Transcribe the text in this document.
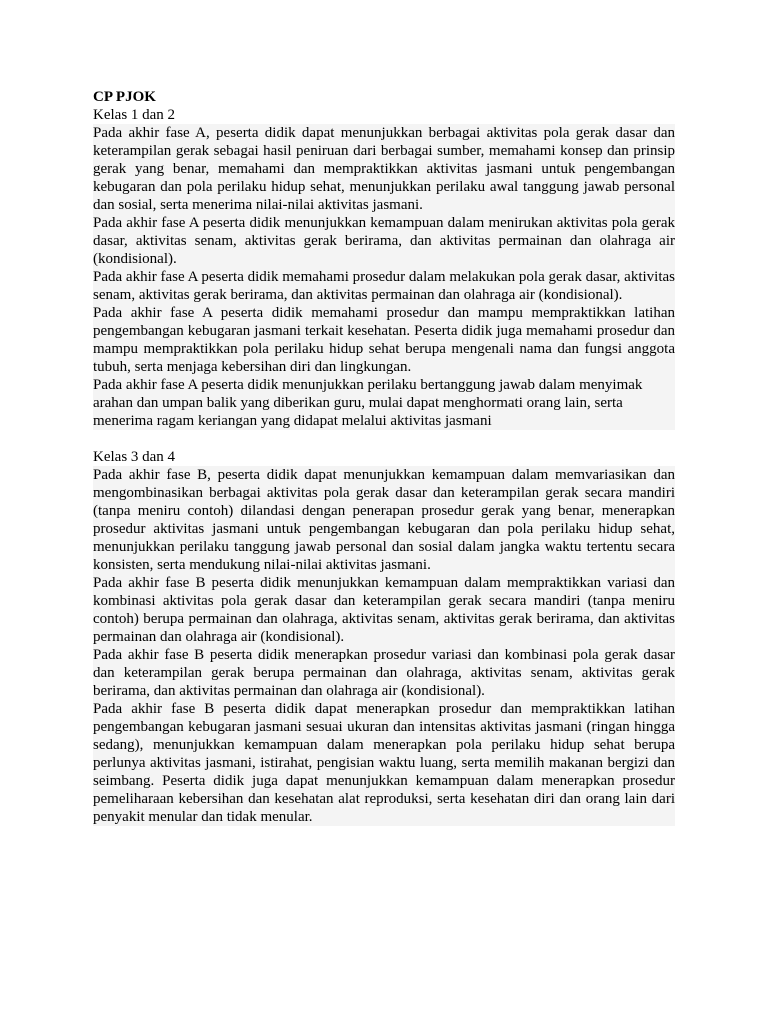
CP PJOK

Kelas 1 dan 2

Pada akhir fase A, peserta didik dapat menunjukkan berbagai aktivitas pola gerak dasar dan keterampilan gerak sebagai hasil peniruan dari berbagai sumber, memahami konsep dan prinsip gerak yang benar, memahami dan mempraktikkan aktivitas jasmani untuk pengembangan kebugaran dan pola perilaku hidup sehat, menunjukkan perilaku awal tanggung jawab personal dan sosial, serta menerima nilai-nilai aktivitas jasmani.

Pada akhir fase A peserta didik menunjukkan kemampuan dalam menirukan aktivitas pola gerak dasar, aktivitas senam, aktivitas gerak berirama, dan aktivitas permainan dan olahraga air (kondisional).

Pada akhir fase A peserta didik memahami prosedur dalam melakukan pola gerak dasar, aktivitas senam, aktivitas gerak berirama, dan aktivitas permainan dan olahraga air (kondisional).

Pada akhir fase A peserta didik memahami prosedur dan mampu mempraktikkan latihan pengembangan kebugaran jasmani terkait kesehatan. Peserta didik juga memahami prosedur dan mampu mempraktikkan pola perilaku hidup sehat berupa mengenali nama dan fungsi anggota tubuh, serta menjaga kebersihan diri dan lingkungan.

Pada akhir fase A peserta didik menunjukkan perilaku bertanggung jawab dalam menyimak arahan dan umpan balik yang diberikan guru, mulai dapat menghormati orang lain, serta menerima ragam keriangan yang didapat melalui aktivitas jasmani

Kelas 3 dan 4

Pada akhir fase B, peserta didik dapat menunjukkan kemampuan dalam memvariasikan dan mengombinasikan berbagai aktivitas pola gerak dasar dan keterampilan gerak secara mandiri (tanpa meniru contoh) dilandasi dengan penerapan prosedur gerak yang benar, menerapkan prosedur aktivitas jasmani untuk pengembangan kebugaran dan pola perilaku hidup sehat, menunjukkan perilaku tanggung jawab personal dan sosial dalam jangka waktu tertentu secara konsisten, serta mendukung nilai-nilai aktivitas jasmani.

Pada akhir fase B peserta didik menunjukkan kemampuan dalam mempraktikkan variasi dan kombinasi aktivitas pola gerak dasar dan keterampilan gerak secara mandiri (tanpa meniru contoh) berupa permainan dan olahraga, aktivitas senam, aktivitas gerak berirama, dan aktivitas permainan dan olahraga air (kondisional).

Pada akhir fase B peserta didik menerapkan prosedur variasi dan kombinasi pola gerak dasar dan keterampilan gerak berupa permainan dan olahraga, aktivitas senam, aktivitas gerak berirama, dan aktivitas permainan dan olahraga air (kondisional).

Pada akhir fase B peserta didik dapat menerapkan prosedur dan mempraktikkan latihan pengembangan kebugaran jasmani sesuai ukuran dan intensitas aktivitas jasmani (ringan hingga sedang), menunjukkan kemampuan dalam menerapkan pola perilaku hidup sehat berupa perlunya aktivitas jasmani, istirahat, pengisian waktu luang, serta memilih makanan bergizi dan seimbang. Peserta didik juga dapat menunjukkan kemampuan dalam menerapkan prosedur pemeliharaan kebersihan dan kesehatan alat reproduksi, serta kesehatan diri dan orang lain dari penyakit menular dan tidak menular.
